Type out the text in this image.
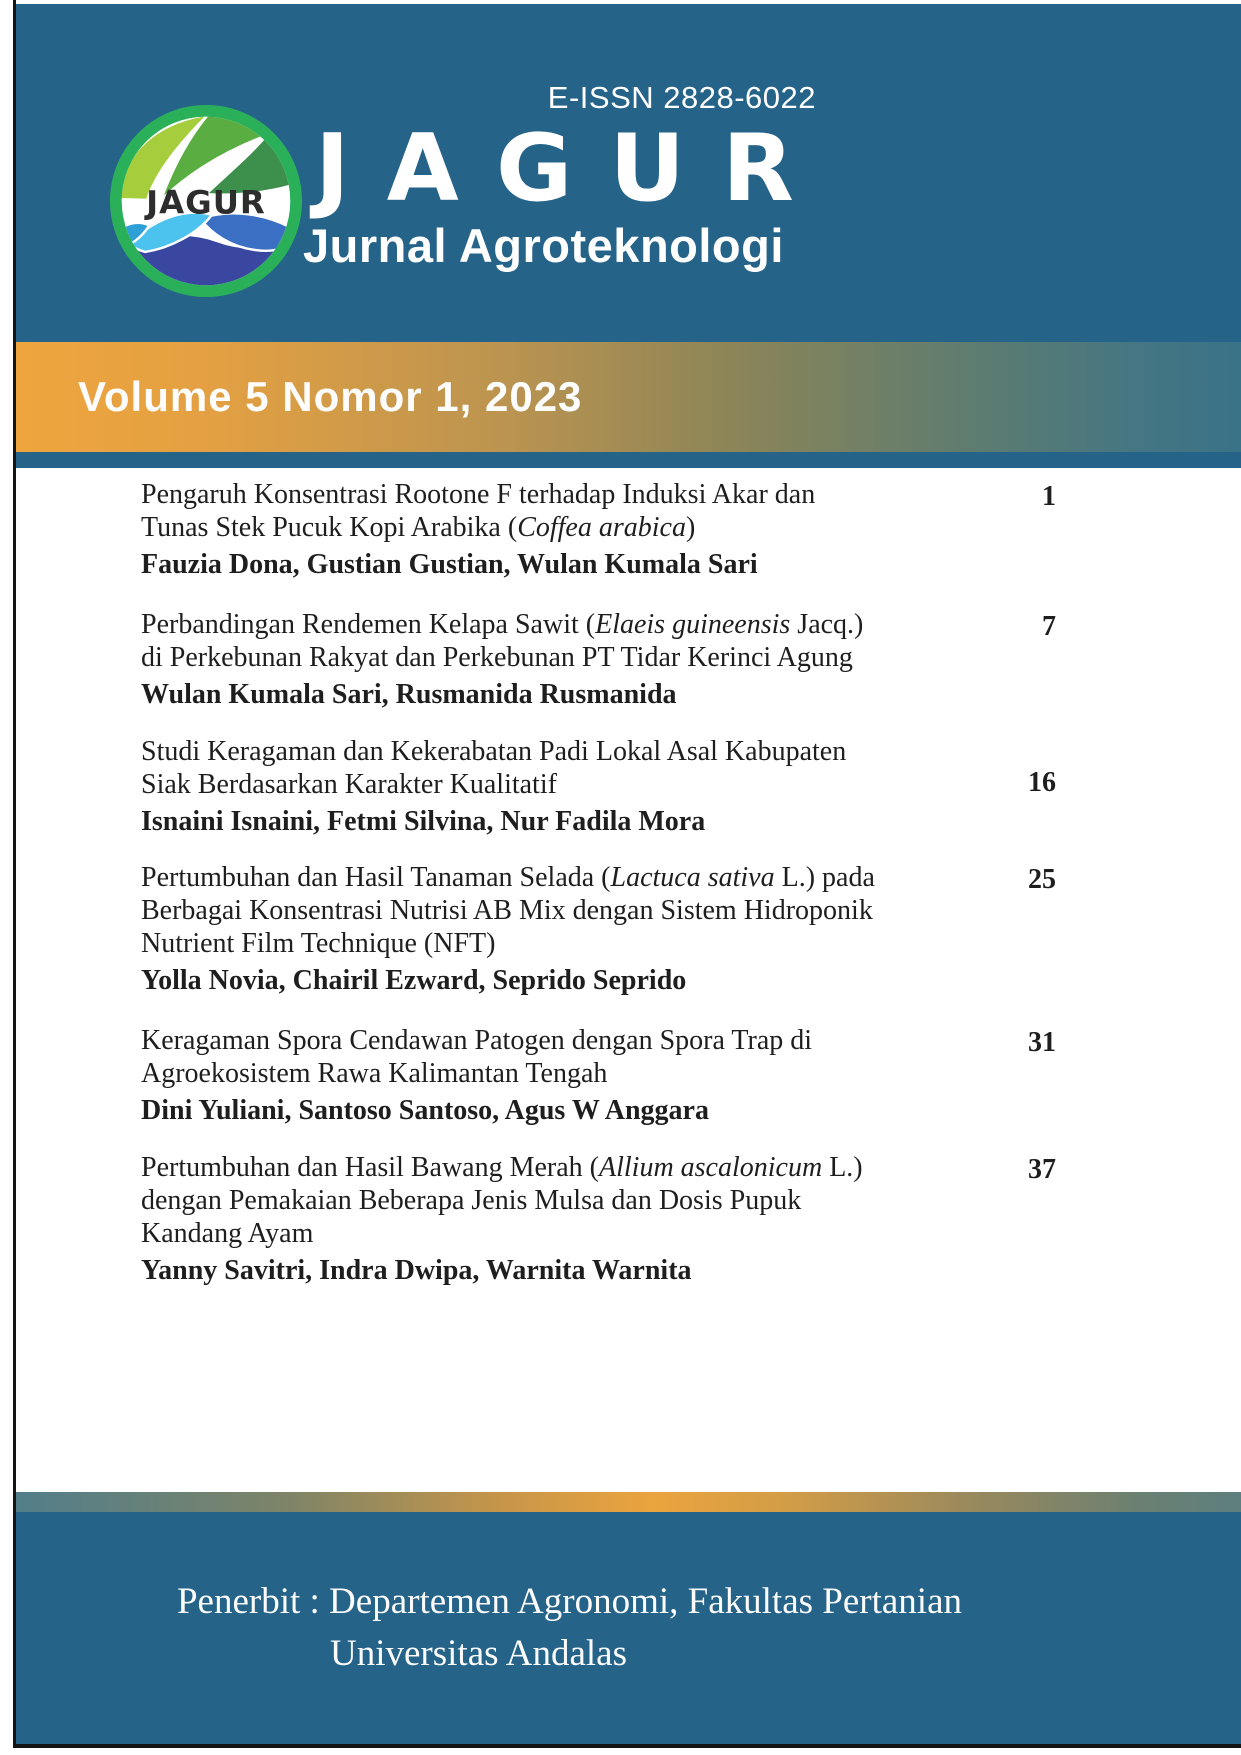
JAGUR
E-ISSN 2828-6022
JAGUR
Jurnal Agroteknologi
Volume 5 Nomor 1, 2023
Pengaruh Konsentrasi Rootone F terhadap Induksi Akar dan
Tunas Stek Pucuk Kopi Arabika (Coffea arabica)
Fauzia Dona, Gustian Gustian, Wulan Kumala Sari
1
Perbandingan Rendemen Kelapa Sawit (Elaeis guineensis Jacq.)
di Perkebunan Rakyat dan Perkebunan PT Tidar Kerinci Agung
Wulan Kumala Sari, Rusmanida Rusmanida
7
Studi Keragaman dan Kekerabatan Padi Lokal Asal Kabupaten
Siak Berdasarkan Karakter Kualitatif
Isnaini Isnaini, Fetmi Silvina, Nur Fadila Mora
16
Pertumbuhan dan Hasil Tanaman Selada (Lactuca sativa L.) pada
Berbagai Konsentrasi Nutrisi AB Mix dengan Sistem Hidroponik
Nutrient Film Technique (NFT)
Yolla Novia, Chairil Ezward, Seprido Seprido
25
Keragaman Spora Cendawan Patogen dengan Spora Trap di
Agroekosistem Rawa Kalimantan Tengah
Dini Yuliani, Santoso Santoso, Agus W Anggara
31
Pertumbuhan dan Hasil Bawang Merah (Allium ascalonicum L.)
dengan Pemakaian Beberapa Jenis Mulsa dan Dosis Pupuk
Kandang Ayam
Yanny Savitri, Indra Dwipa, Warnita Warnita
37
Penerbit : Departemen Agronomi, Fakultas Pertanian
Universitas Andalas
